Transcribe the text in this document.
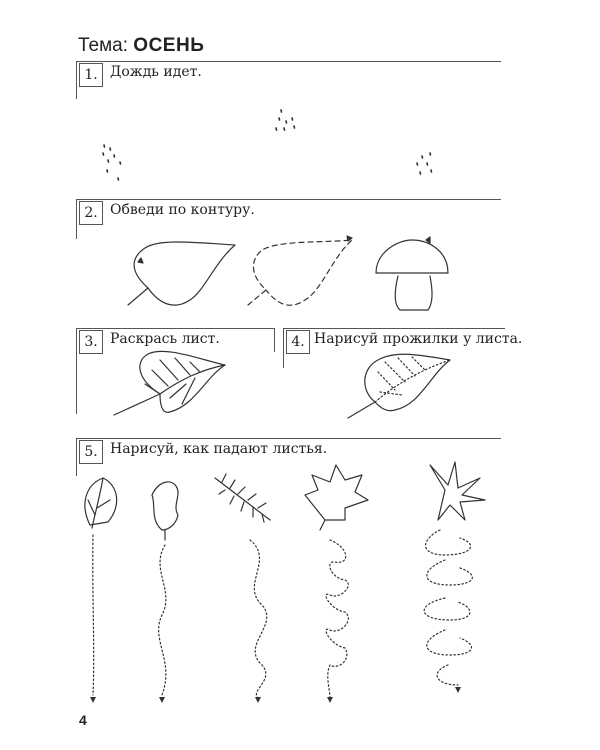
Тема: ОСЕНЬ
1. Дождь идет.
2. Обведи по контуру.
3. Раскрась лист.	4. Нарисуй прожилки у листа.
5. Нарисуй, как падают листья.
4
